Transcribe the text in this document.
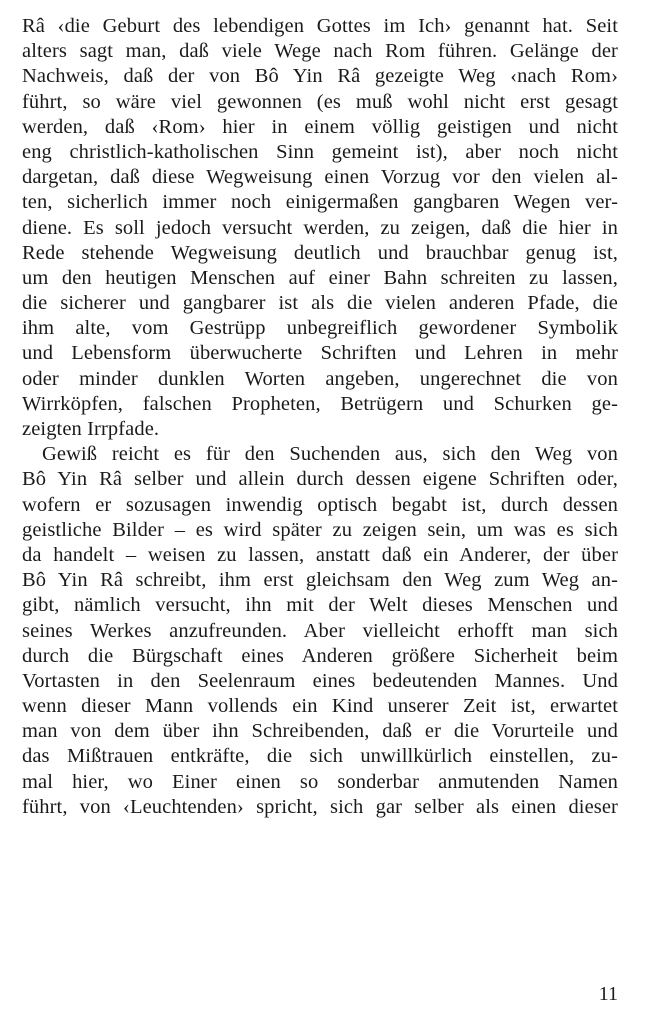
Râ ‹die Geburt des lebendigen Gottes im Ich› genannt hat. Seit
alters sagt man, daß viele Wege nach Rom führen. Gelänge der
Nachweis, daß der von Bô Yin Râ gezeigte Weg ‹nach Rom›
führt, so wäre viel gewonnen (es muß wohl nicht erst gesagt
werden, daß ‹Rom› hier in einem völlig geistigen und nicht
eng christlich-katholischen Sinn gemeint ist), aber noch nicht
dargetan, daß diese Wegweisung einen Vorzug vor den vielen al-
ten, sicherlich immer noch einigermaßen gangbaren Wegen ver-
diene. Es soll jedoch versucht werden, zu zeigen, daß die hier in
Rede stehende Wegweisung deutlich und brauchbar genug ist,
um den heutigen Menschen auf einer Bahn schreiten zu lassen,
die sicherer und gangbarer ist als die vielen anderen Pfade, die
ihm alte, vom Gestrüpp unbegreiflich gewordener Symbolik
und Lebensform überwucherte Schriften und Lehren in mehr
oder minder dunklen Worten angeben, ungerechnet die von
Wirrköpfen, falschen Propheten, Betrügern und Schurken ge-
zeigten Irrpfade.
Gewiß reicht es für den Suchenden aus, sich den Weg von
Bô Yin Râ selber und allein durch dessen eigene Schriften oder,
wofern er sozusagen inwendig optisch begabt ist, durch dessen
geistliche Bilder – es wird später zu zeigen sein, um was es sich
da handelt – weisen zu lassen, anstatt daß ein Anderer, der über
Bô Yin Râ schreibt, ihm erst gleichsam den Weg zum Weg an-
gibt, nämlich versucht, ihn mit der Welt dieses Menschen und
seines Werkes anzufreunden. Aber vielleicht erhofft man sich
durch die Bürgschaft eines Anderen größere Sicherheit beim
Vortasten in den Seelenraum eines bedeutenden Mannes. Und
wenn dieser Mann vollends ein Kind unserer Zeit ist, erwartet
man von dem über ihn Schreibenden, daß er die Vorurteile und
das Mißtrauen entkräfte, die sich unwillkürlich einstellen, zu-
mal hier, wo Einer einen so sonderbar anmutenden Namen
führt, von ‹Leuchtenden› spricht, sich gar selber als einen dieser
11
